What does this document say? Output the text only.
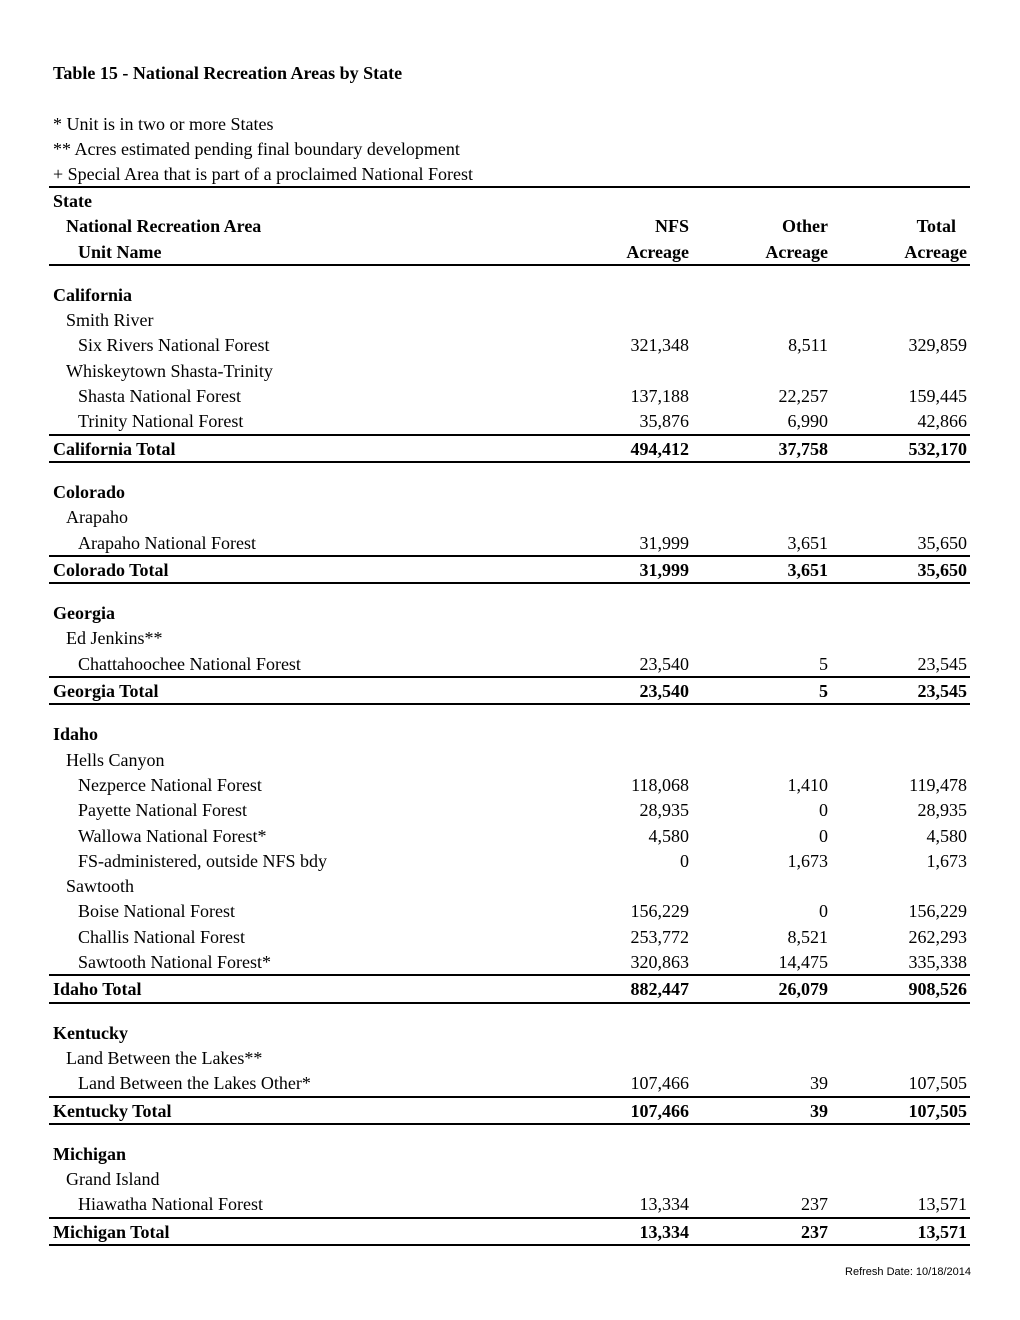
Table 15 - National Recreation Areas by State
* Unit is in two or more States
** Acres estimated pending final boundary development
+ Special Area that is part of a proclaimed National Forest
State
National Recreation Area	NFS	Other	Total
Unit Name	Acreage	Acreage	Acreage
California
Smith River
Six Rivers National Forest	321,348	8,511	329,859
Whiskeytown Shasta-Trinity
Shasta National Forest	137,188	22,257	159,445
Trinity National Forest	35,876	6,990	42,866
California Total	494,412	37,758	532,170
Colorado
Arapaho
Arapaho National Forest	31,999	3,651	35,650
Colorado Total	31,999	3,651	35,650
Georgia
Ed Jenkins**
Chattahoochee National Forest	23,540	5	23,545
Georgia Total	23,540	5	23,545
Idaho
Hells Canyon
Nezperce National Forest	118,068	1,410	119,478
Payette National Forest	28,935	0	28,935
Wallowa National Forest*	4,580	0	4,580
FS-administered, outside NFS bdy	0	1,673	1,673
Sawtooth
Boise National Forest	156,229	0	156,229
Challis National Forest	253,772	8,521	262,293
Sawtooth National Forest*	320,863	14,475	335,338
Idaho Total	882,447	26,079	908,526
Kentucky
Land Between the Lakes**
Land Between the Lakes Other*	107,466	39	107,505
Kentucky Total	107,466	39	107,505
Michigan
Grand Island
Hiawatha National Forest	13,334	237	13,571
Michigan Total	13,334	237	13,571
Refresh Date: 10/18/2014
